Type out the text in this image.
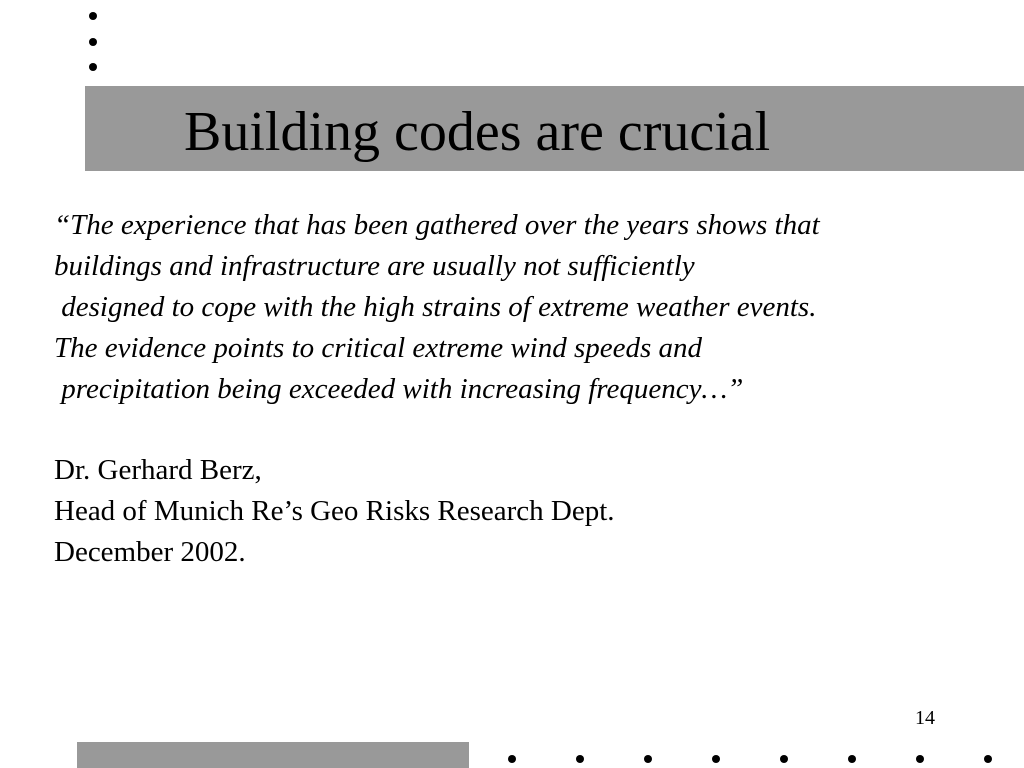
Building codes are crucial
“The experience that has been gathered over the years shows that
buildings and infrastructure are usually not sufficiently
designed to cope with the high strains of extreme weather events.
The evidence points to critical extreme wind speeds and
precipitation being exceeded with increasing frequency…”
Dr. Gerhard Berz,
Head of Munich Re’s Geo Risks Research Dept.
December 2002.
14
